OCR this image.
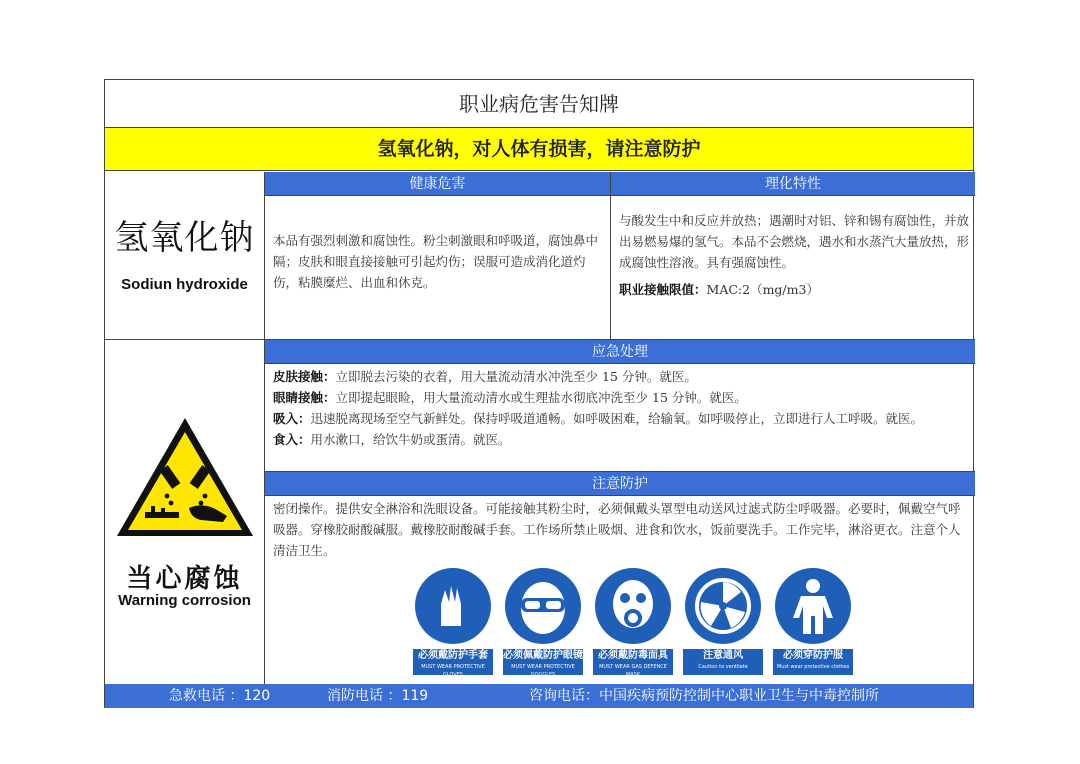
职业病危害告知牌
氢氧化钠，对人体有损害，请注意防护
氢氧化钠
Sodiun hydroxide
健康危害	理化特性
本品有强烈刺激和腐蚀性。粉尘刺激眼和呼吸道，腐蚀鼻中隔；皮肤和眼直接接触可引起灼伤；误服可造成消化道灼伤，粘膜糜烂、出血和休克。
与酸发生中和反应并放热；遇潮时对铝、锌和锡有腐蚀性，并放出易燃易爆的氢气。本品不会燃烧，遇水和水蒸汽大量放热，形成腐蚀性溶液。具有强腐蚀性。
职业接触限值：MAC:2（mg/m3）
当心腐蚀
Warning corrosion
应急处理
皮肤接触：立即脱去污染的衣着，用大量流动清水冲洗至少 15 分钟。就医。
眼睛接触：立即提起眼睑，用大量流动清水或生理盐水彻底冲洗至少 15 分钟。就医。
吸入：迅速脱离现场至空气新鲜处。保持呼吸道通畅。如呼吸困难，给输氧。如呼吸停止，立即进行人工呼吸。就医。
食入：用水漱口，给饮牛奶或蛋清。就医。
注意防护
密闭操作。提供安全淋浴和洗眼设备。可能接触其粉尘时，必须佩戴头罩型电动送风过滤式防尘呼吸器。必要时，佩戴空气呼吸器。穿橡胶耐酸碱服。戴橡胶耐酸碱手套。工作场所禁止吸烟、进食和饮水，饭前要洗手。工作完毕，淋浴更衣。注意个人清洁卫生。
必须戴防护手套
MUST WEAR PROTECTIVE GLOVES
必须佩戴防护眼镜
MUST WEAR PROTECTIVE GOGGLES
必须戴防毒面具
MUST WEAR GAS DEFENCE MASK
注意通风
Caution to ventilate
必须穿防护服
Must wear protective clothes
急救电话 ：120	消防电话 ：119	咨询电话：中国疾病预防控制中心职业卫生与中毒控制所
